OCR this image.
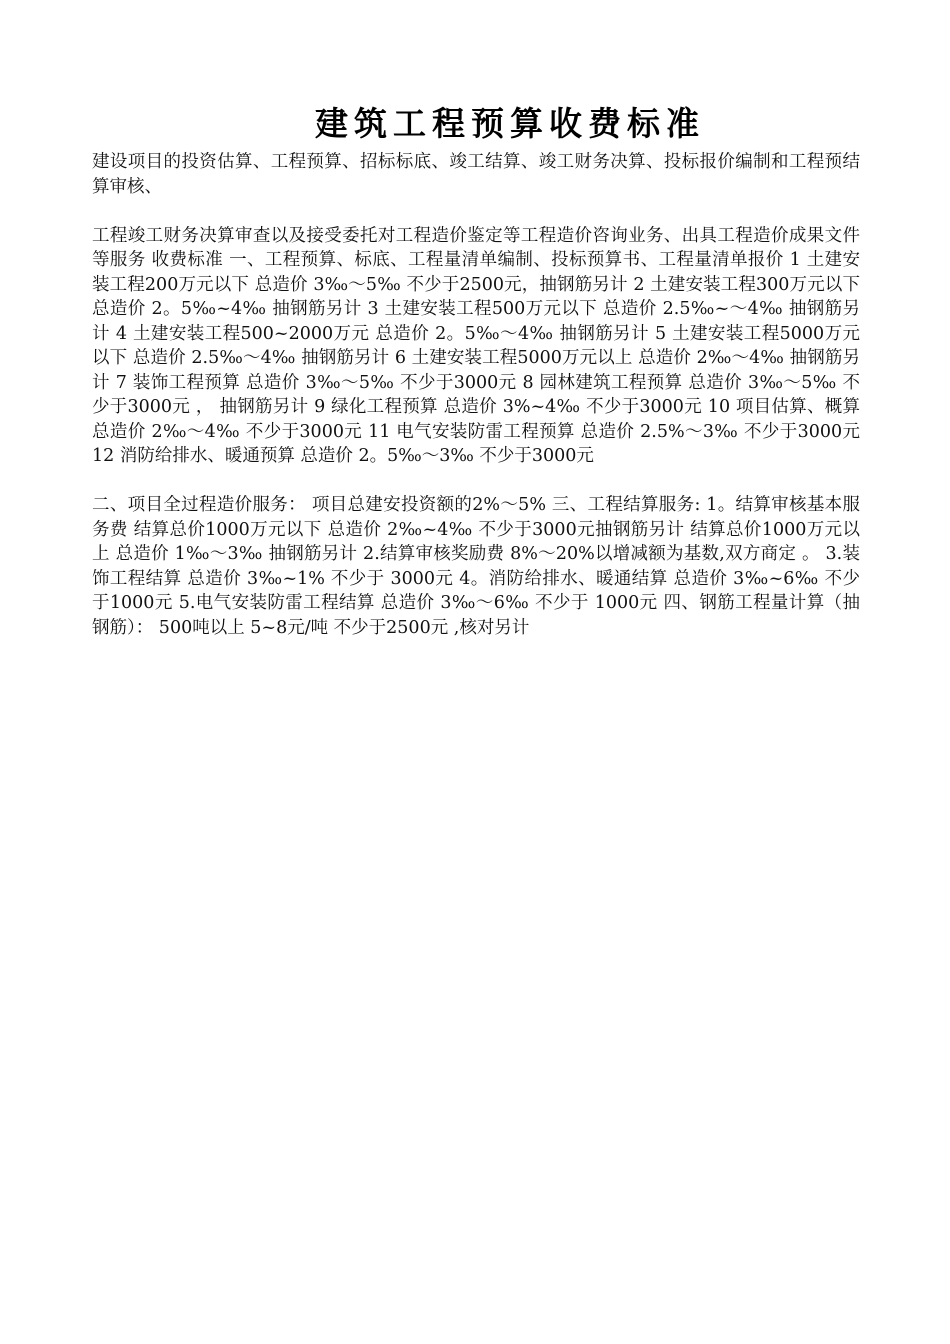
建筑工程预算收费标准

建设项目的投资估算、工程预算、招标标底、竣工结算、竣工财务决算、投标报价编制和工程预结算审核、

工程竣工财务决算审查以及接受委托对工程造价鉴定等工程造价咨询业务、出具工程造价成果文件等服务 收费标准 一、工程预算、标底、工程量清单编制、投标预算书、工程量清单报价 1 土建安装工程200万元以下 总造价 3‰～5‰ 不少于2500元，抽钢筋另计 2 土建安装工程300万元以下 总造价 2。5‰~4‰ 抽钢筋另计 3 土建安装工程500万元以下 总造价 2.5‰~～4‰ 抽钢筋另计 4 土建安装工程500~2000万元 总造价 2。5‰～4‰ 抽钢筋另计 5 土建安装工程5000万元以下 总造价 2.5‰～4‰ 抽钢筋另计 6 土建安装工程5000万元以上 总造价 2‰～4‰ 抽钢筋另计 7 装饰工程预算 总造价 3‰～5‰ 不少于3000元 8 园林建筑工程预算 总造价 3‰～5‰ 不少于3000元 ， 抽钢筋另计 9 绿化工程预算 总造价 3%~4‰ 不少于3000元 10 项目估算、概算 总造价 2‰～4‰ 不少于3000元 11 电气安装防雷工程预算 总造价 2.5%～3‰ 不少于3000元 12 消防给排水、暖通预算 总造价 2。5‰～3‰ 不少于3000元

二、项目全过程造价服务： 项目总建安投资额的2%～5% 三、工程结算服务: 1。结算审核基本服务费 结算总价1000万元以下 总造价 2‰~4‰ 不少于3000元抽钢筋另计 结算总价1000万元以上 总造价 1‰～3‰ 抽钢筋另计 2.结算审核奖励费 8%～20%以增减额为基数,双方商定 。 3.装饰工程结算 总造价 3‰~1% 不少于 3000元 4。消防给排水、暖通结算 总造价 3‰~6‰ 不少于1000元 5.电气安装防雷工程结算 总造价 3‰～6‰ 不少于 1000元 四、钢筋工程量计算（抽钢筋）： 500吨以上 5~8元/吨 不少于2500元 ,核对另计
